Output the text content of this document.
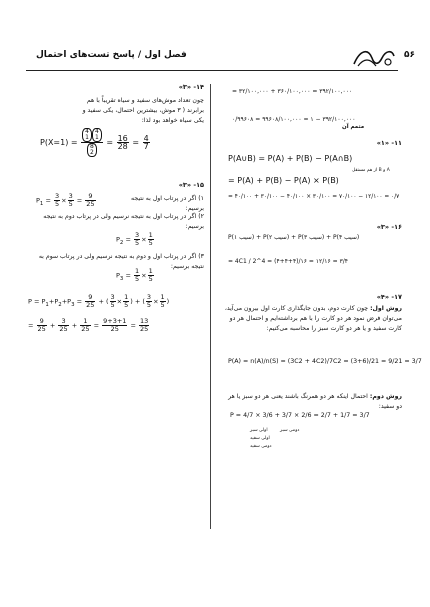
فصل اول / پاسخ تست‌های احتمال	۵۶
۱۴- «۳»
چون تعداد موش‌های سفید و سیاه تقریباً با هم برابرند ( ۳ موش، بیشترین احتمال، یکی سفید و یکی سیاه خواهد بود لذا:
P(X=1) =
4
14
1
8
2
= $\frac{16}{28} = \frac{4}{7}$
۱۵- «۳»
۱) اگر در پرتاب اول به نتیجه برسیم:
$P_1 = \frac{3}{5} \times \frac{3}{5} = \frac{9}{25}$
۲) اگر در پرتاب اول به نتیجه نرسیم ولی در پرتاب دوم به نتیجه برسیم:
$P_2 = \frac{3}{5} \times \frac{1}{5}$
۳) اگر در پرتاب اول و دوم به نتیجه نرسیم ولی در پرتاب سوم به نتیجه برسیم:
$P_3 = \frac{1}{5} \times \frac{1}{5}$
$P = P_1+P_2+P_3 = \frac{9}{25}$ + ( $\frac{3}{5} \times \frac{1}{5}$ ) + ( $\frac{3}{5} \times \frac{1}{5}$ )
= $\frac{9}{25} + \frac{3}{25} + \frac{1}{25} = \frac{9+3+1}{25} = \frac{13}{25}$
= ۳۲/۱۰۰,۰۰۰ + ۳۶۰/۱۰۰,۰۰۰ = ۳۹۲/۱۰۰,۰۰۰
۰/۹۹۶۰۸ = ۹۹۶۰۸/۱۰۰,۰۰۰ = ۱ − ۳۹۲/۱۰۰,۰۰۰
متمم آن
۱۱- «۱»
P(A∪B) = P(A) + P(B) − P(A∩B)
A و B از هم مستقل
= P(A) + P(B) − P(A) × P(B)
= ۴۰/۱۰۰ + ۳۰/۱۰۰ − ۴۰/۱۰۰ × ۳۰/۱۰۰ = ۷۰/۱۰۰ − ۱۲/۱۰۰ = ۰/۷
۱۶- «۳»
P(۱ سیب) + P(۲ سیب) + P(۳ سیب) + P(۴ سیب)
= 4C1 / 2^4 = (۴+۴+۴)/۱۶ = ۱۲/۱۶ = ۳/۴
۱۷- «۴»
روش اول: چون کارت دوم، بدون جایگذاری کارت اول بیرون می‌آید، می‌توان فرض نمود هر دو کارت را با هم برداشته‌ایم و احتمال هر دو کارت سفید و یا هر دو کارت سبز را محاسبه می‌کنیم:
P(A) = n(A)/n(S) = (3C2 + 4C2)/7C2 = (3+6)/21 = 9/21 = 3/7
روش دوم: احتمال اینکه هر دو همرنگ باشند یعنی هر دو سبز یا هر دو سفید:
P = 4/7 × 3/6 + 3/7 × 2/6 = 2/7 + 1/7 = 3/7
اولی سبز	دومی سبز
اولی سفید
دومی سفید
